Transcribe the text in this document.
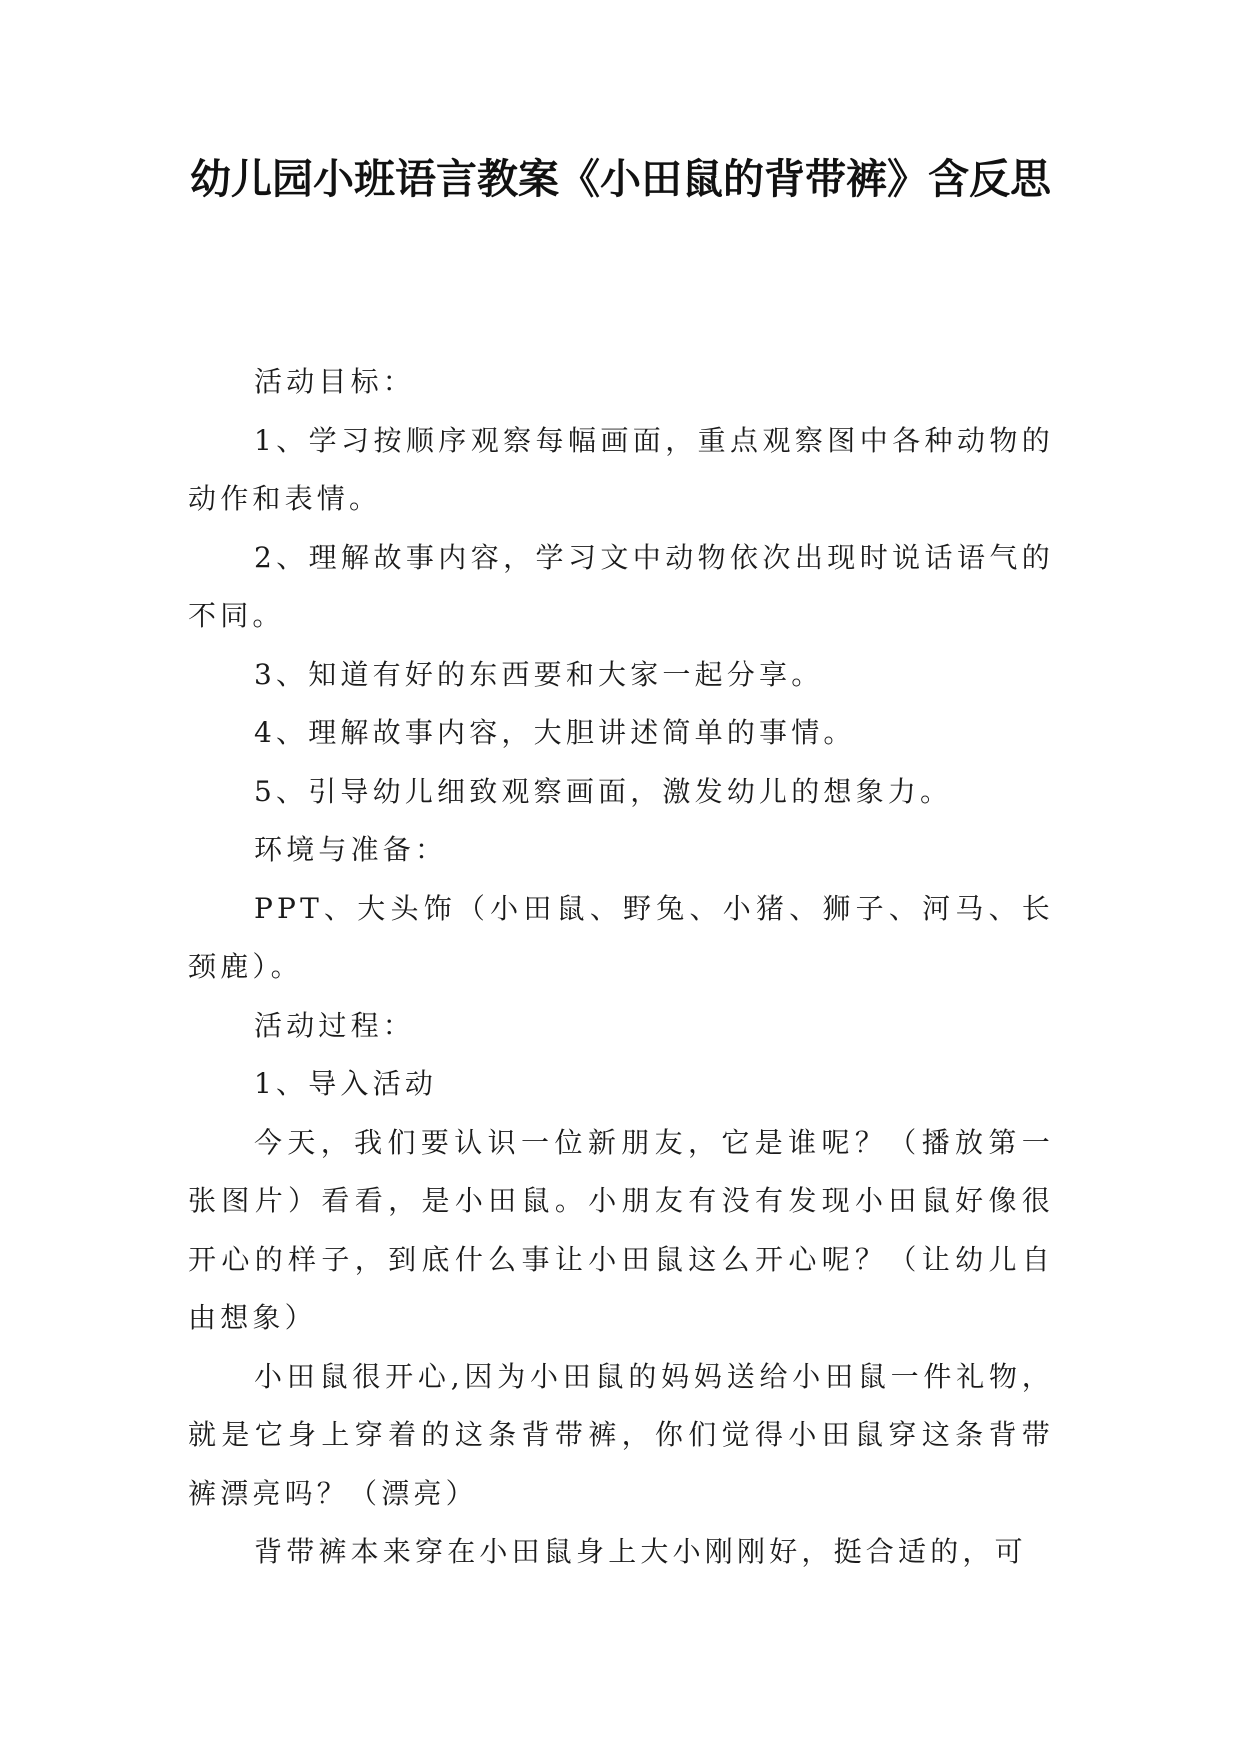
幼儿园小班语言教案《小田鼠的背带裤》含反思

活动目标：

1、学习按顺序观察每幅画面，重点观察图中各种动物的动作和表情。

2、理解故事内容，学习文中动物依次出现时说话语气的不同。

3、知道有好的东西要和大家一起分享。

4、理解故事内容，大胆讲述简单的事情。

5、引导幼儿细致观察画面，激发幼儿的想象力。

环境与准备：

PPT、大头饰（小田鼠、野兔、小猪、狮子、河马、长颈鹿）。

活动过程：

1、导入活动

今天，我们要认识一位新朋友，它是谁呢？（播放第一张图片）看看，是小田鼠。小朋友有没有发现小田鼠好像很开心的样子，到底什么事让小田鼠这么开心呢？（让幼儿自由想象）

小田鼠很开心,因为小田鼠的妈妈送给小田鼠一件礼物，就是它身上穿着的这条背带裤，你们觉得小田鼠穿这条背带裤漂亮吗？（漂亮）

背带裤本来穿在小田鼠身上大小刚刚好，挺合适的，可
